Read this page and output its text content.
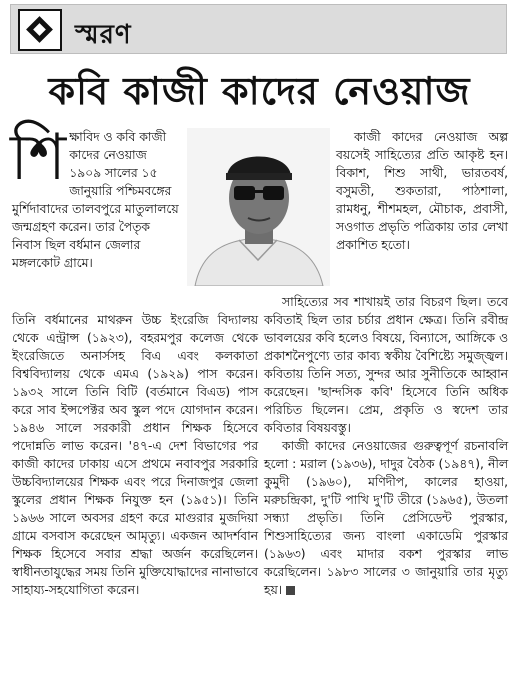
স্মরণ
কবি কাজী কাদের নেওয়াজ
শি ক্ষাবিদ ও কবি কাজী কাদের নেওয়াজ ১৯০৯ সালের ১৫ জানুয়ারি পশ্চিমবঙ্গের মুর্শিদাবাদের তালবপুরে মাতুলালয়ে জন্মগ্রহণ করেন। তার পৈতৃক নিবাস ছিল বর্ধমান জেলার মঙ্গলকোট গ্রামে।

কাজী কাদের নেওয়াজ অল্প বয়সেই সাহিত্যের প্রতি আকৃষ্ট হন। বিকাশ, শিশু সাথী, ভারতবর্ষ, বসুমতী, শুকতারা, পাঠশালা, রামধনু, শীশমহল, মৌচাক, প্রবাসী, সওগাত প্রভৃতি পত্রিকায় তার লেখা প্রকাশিত হতো।

তিনি বর্ধমানের মাথরুন উচ্চ ইংরেজি বিদ্যালয় থেকে এন্ট্রান্স (১৯২৩), বহরমপুর কলেজ থেকে ইংরেজিতে অনার্সসহ বিএ এবং কলকাতা বিশ্ববিদ্যালয় থেকে এমএ (১৯২৯) পাস করেন। ১৯৩২ সালে তিনি বিটি (বর্তমানে বিএড) পাস করে সাব ইন্সপেক্টর অব স্কুল পদে যোগদান করেন। ১৯৪৬ সালে সরকারী প্রধান শিক্ষক হিসেবে পদোন্নতি লাভ করেন। '৪৭-এ দেশ বিভাগের পর কাজী কাদের ঢাকায় এসে প্রথমে নবাবপুর সরকারি উচ্চবিদ্যালয়ের শিক্ষক এবং পরে দিনাজপুর জেলা স্কুলের প্রধান শিক্ষক নিযুক্ত হন (১৯৫১)। তিনি ১৯৬৬ সালে অবসর গ্রহণ করে মাগুরার মুজদিয়া গ্রামে বসবাস করেছেন আমৃত্যু। একজন আদর্শবান শিক্ষক হিসেবে সবার শ্রদ্ধা অর্জন করেছিলেন। স্বাধীনতাযুদ্ধের সময় তিনি মুক্তিযোদ্ধাদের নানাভাবে সাহায্য-সহযোগিতা করেন।

সাহিত্যের সব শাখায়ই তার বিচরণ ছিল। তবে কবিতাই ছিল তার চর্চার প্রধান ক্ষেত্র। তিনি রবীন্দ্র ভাবলয়ের কবি হলেও বিষয়ে, বিন্যাসে, আঙ্গিকে ও প্রকাশনৈপুণ্যে তার কাব্য স্বকীয় বৈশিষ্ট্যে সমুজ্জ্বল। কবিতায় তিনি সত্য, সুন্দর আর সুনীতিকে আহ্বান করেছেন। 'ছান্দসিক কবি' হিসেবে তিনি অধিক পরিচিত ছিলেন। প্রেম, প্রকৃতি ও স্বদেশ তার কবিতার বিষয়বস্তু।

কাজী কাদের নেওয়াজের গুরুত্বপূর্ণ রচনাবলি হলো : মরাল (১৯৩৬), দাদুর বৈঠক (১৯৪৭), নীল কুমুদী (১৯৬০), মণিদীপ, কালের হাওয়া, মরুচন্দ্রিকা, দু'টি পাখি দু'টি তীরে (১৯৬৫), উতলা সন্ধ্যা প্রভৃতি। তিনি প্রেসিডেন্ট পুরস্কার, শিশুসাহিত্যের জন্য বাংলা একাডেমি পুরস্কার (১৯৬৩) এবং মাদার বকশ পুরস্কার লাভ করেছিলেন। ১৯৮৩ সালের ৩ জানুয়ারি তার মৃত্যু হয়।
